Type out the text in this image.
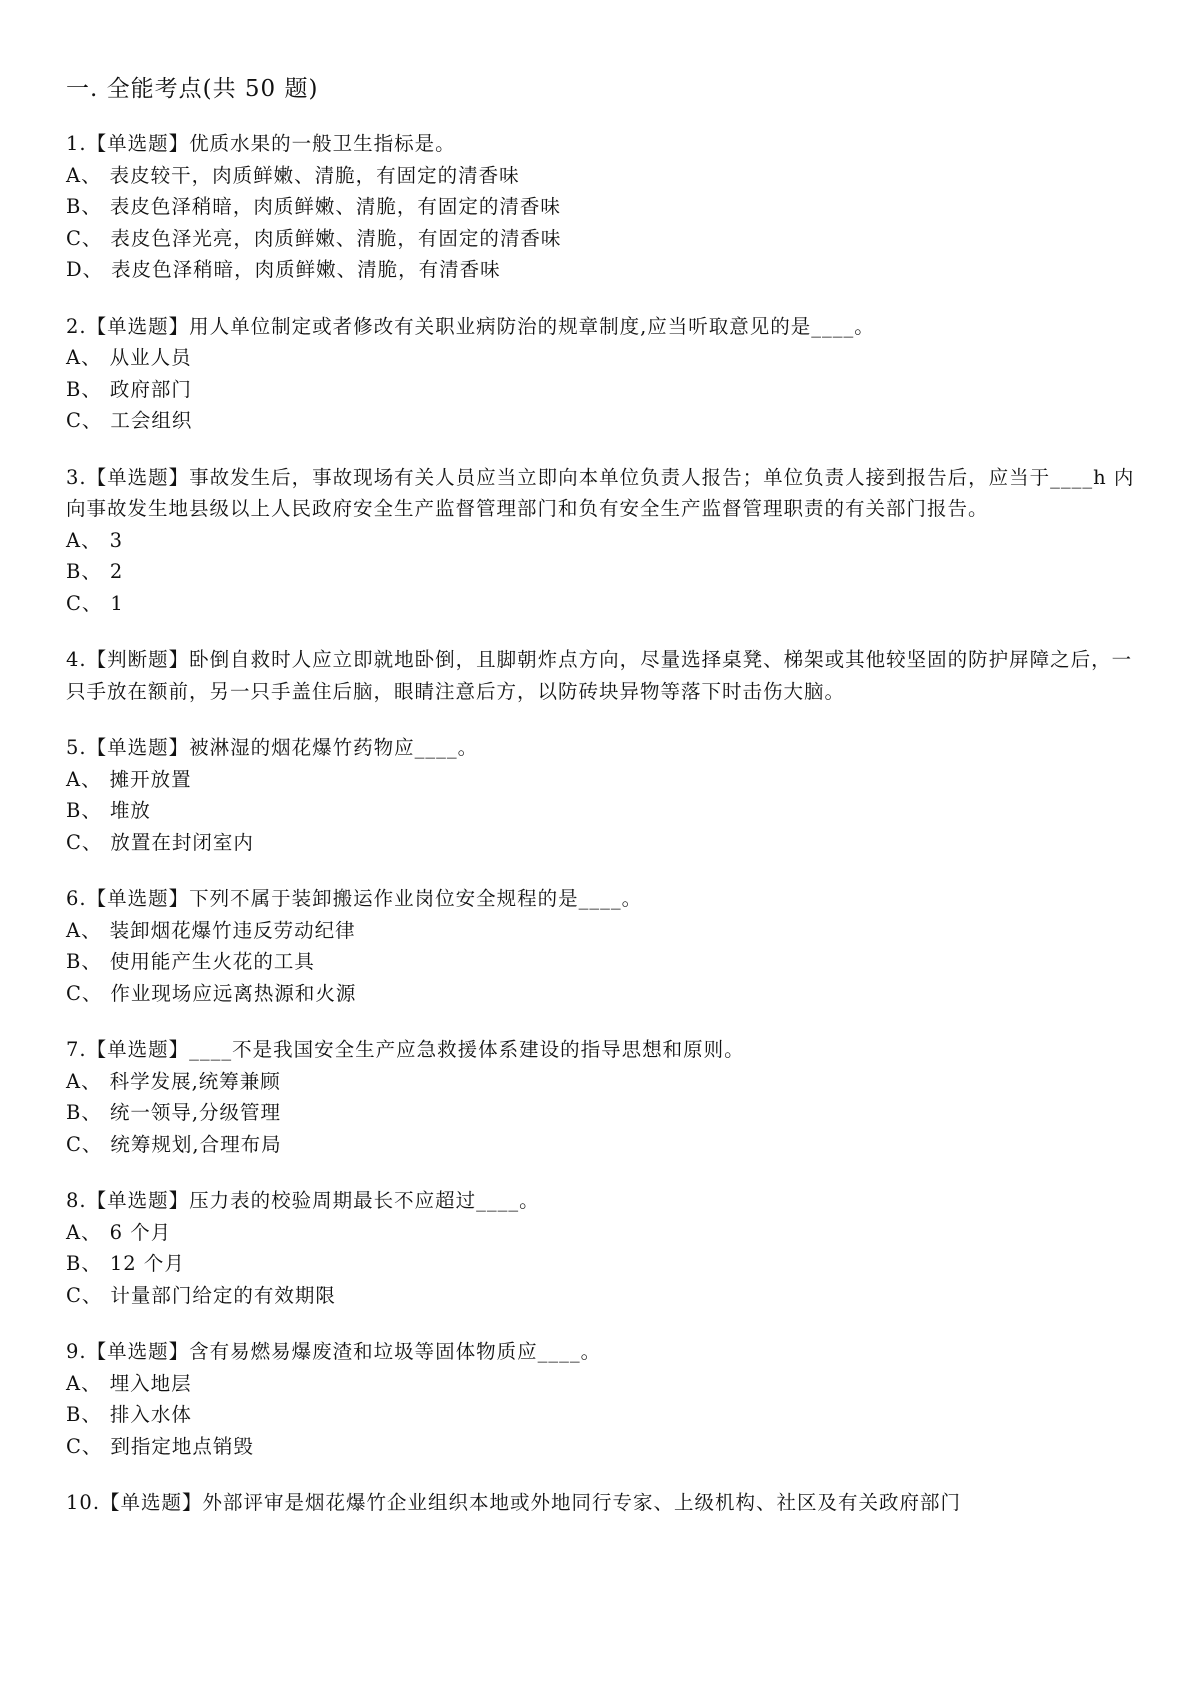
一. 全能考点(共 50 题)
1.【单选题】优质水果的一般卫生指标是。
A、 表皮较干，肉质鲜嫩、清脆，有固定的清香味
B、 表皮色泽稍暗，肉质鲜嫩、清脆，有固定的清香味
C、 表皮色泽光亮，肉质鲜嫩、清脆，有固定的清香味
D、 表皮色泽稍暗，肉质鲜嫩、清脆，有清香味
2.【单选题】用人单位制定或者修改有关职业病防治的规章制度,应当听取意见的是____。
A、 从业人员
B、 政府部门
C、 工会组织
3.【单选题】事故发生后，事故现场有关人员应当立即向本单位负责人报告；单位负责人接到报告后，应当于____h 内向事故发生地县级以上人民政府安全生产监督管理部门和负有安全生产监督管理职责的有关部门报告。
A、 3
B、 2
C、 1
4.【判断题】卧倒自救时人应立即就地卧倒，且脚朝炸点方向，尽量选择桌凳、梯架或其他较坚固的防护屏障之后，一只手放在额前，另一只手盖住后脑，眼睛注意后方，以防砖块异物等落下时击伤大脑。
5.【单选题】被淋湿的烟花爆竹药物应____。
A、 摊开放置
B、 堆放
C、 放置在封闭室内
6.【单选题】下列不属于装卸搬运作业岗位安全规程的是____。
A、 装卸烟花爆竹违反劳动纪律
B、 使用能产生火花的工具
C、 作业现场应远离热源和火源
7.【单选题】____不是我国安全生产应急救援体系建设的指导思想和原则。
A、 科学发展,统筹兼顾
B、 统一领导,分级管理
C、 统筹规划,合理布局
8.【单选题】压力表的校验周期最长不应超过____。
A、 6 个月
B、 12 个月
C、 计量部门给定的有效期限
9.【单选题】含有易燃易爆废渣和垃圾等固体物质应____。
A、 埋入地层
B、 排入水体
C、 到指定地点销毁
10.【单选题】外部评审是烟花爆竹企业组织本地或外地同行专家、上级机构、社区及有关政府部门
